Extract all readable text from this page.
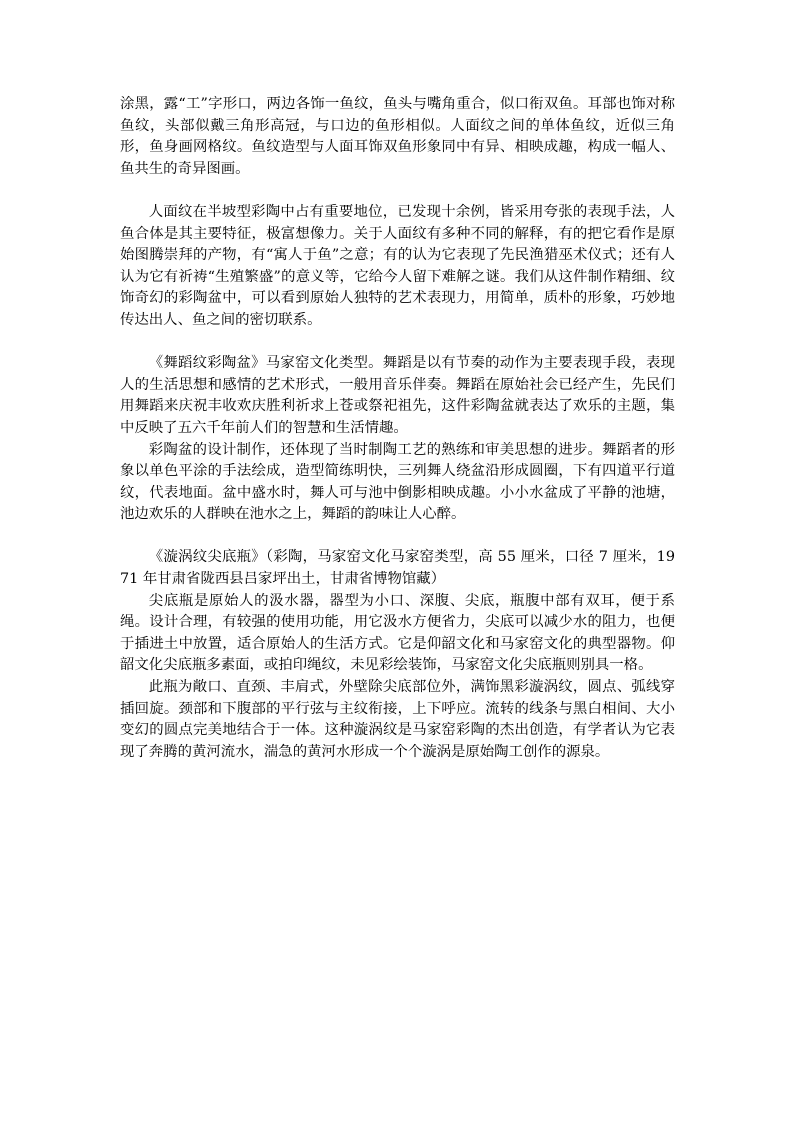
涂黑，露“工”字形口，两边各饰一鱼纹，鱼头与嘴角重合，似口衔双鱼。耳部也饰对称鱼纹，头部似戴三角形高冠，与口边的鱼形相似。人面纹之间的单体鱼纹，近似三角形，鱼身画网格纹。鱼纹造型与人面耳饰双鱼形象同中有异、相映成趣，构成一幅人、鱼共生的奇异图画。

人面纹在半坡型彩陶中占有重要地位，已发现十余例，皆采用夸张的表现手法，人鱼合体是其主要特征，极富想像力。关于人面纹有多种不同的解释，有的把它看作是原始图腾崇拜的产物，有“寓人于鱼”之意；有的认为它表现了先民渔猎巫术仪式；还有人认为它有祈祷“生殖繁盛”的意义等，它给今人留下难解之谜。我们从这件制作精细、纹饰奇幻的彩陶盆中，可以看到原始人独特的艺术表现力，用简单，质朴的形象，巧妙地传达出人、鱼之间的密切联系。

《舞蹈纹彩陶盆》马家窑文化类型。舞蹈是以有节奏的动作为主要表现手段，表现人的生活思想和感情的艺术形式，一般用音乐伴奏。舞蹈在原始社会已经产生，先民们用舞蹈来庆祝丰收欢庆胜利祈求上苍或祭祀祖先，这件彩陶盆就表达了欢乐的主题，集中反映了五六千年前人们的智慧和生活情趣。

彩陶盆的设计制作，还体现了当时制陶工艺的熟练和审美思想的进步。舞蹈者的形象以单色平涂的手法绘成，造型简练明快，三列舞人绕盆沿形成圆圈，下有四道平行道纹，代表地面。盆中盛水时，舞人可与池中倒影相映成趣。小小水盆成了平静的池塘，池边欢乐的人群映在池水之上，舞蹈的韵味让人心醉。

《漩涡纹尖底瓶》（彩陶，马家窑文化马家窑类型，高 55 厘米，口径 7 厘米，1971 年甘肃省陇西县吕家坪出土，甘肃省博物馆藏）

尖底瓶是原始人的汲水器，器型为小口、深腹、尖底，瓶腹中部有双耳，便于系绳。设计合理，有较强的使用功能，用它汲水方便省力，尖底可以减少水的阻力，也便于插进土中放置，适合原始人的生活方式。它是仰韶文化和马家窑文化的典型器物。仰韶文化尖底瓶多素面，或拍印绳纹，未见彩绘装饰，马家窑文化尖底瓶则别具一格。

此瓶为敞口、直颈、丰肩式，外壁除尖底部位外，满饰黑彩漩涡纹，圆点、弧线穿插回旋。颈部和下腹部的平行弦与主纹衔接，上下呼应。流转的线条与黑白相间、大小变幻的圆点完美地结合于一体。这种漩涡纹是马家窑彩陶的杰出创造，有学者认为它表现了奔腾的黄河流水，湍急的黄河水形成一个个漩涡是原始陶工创作的源泉。
